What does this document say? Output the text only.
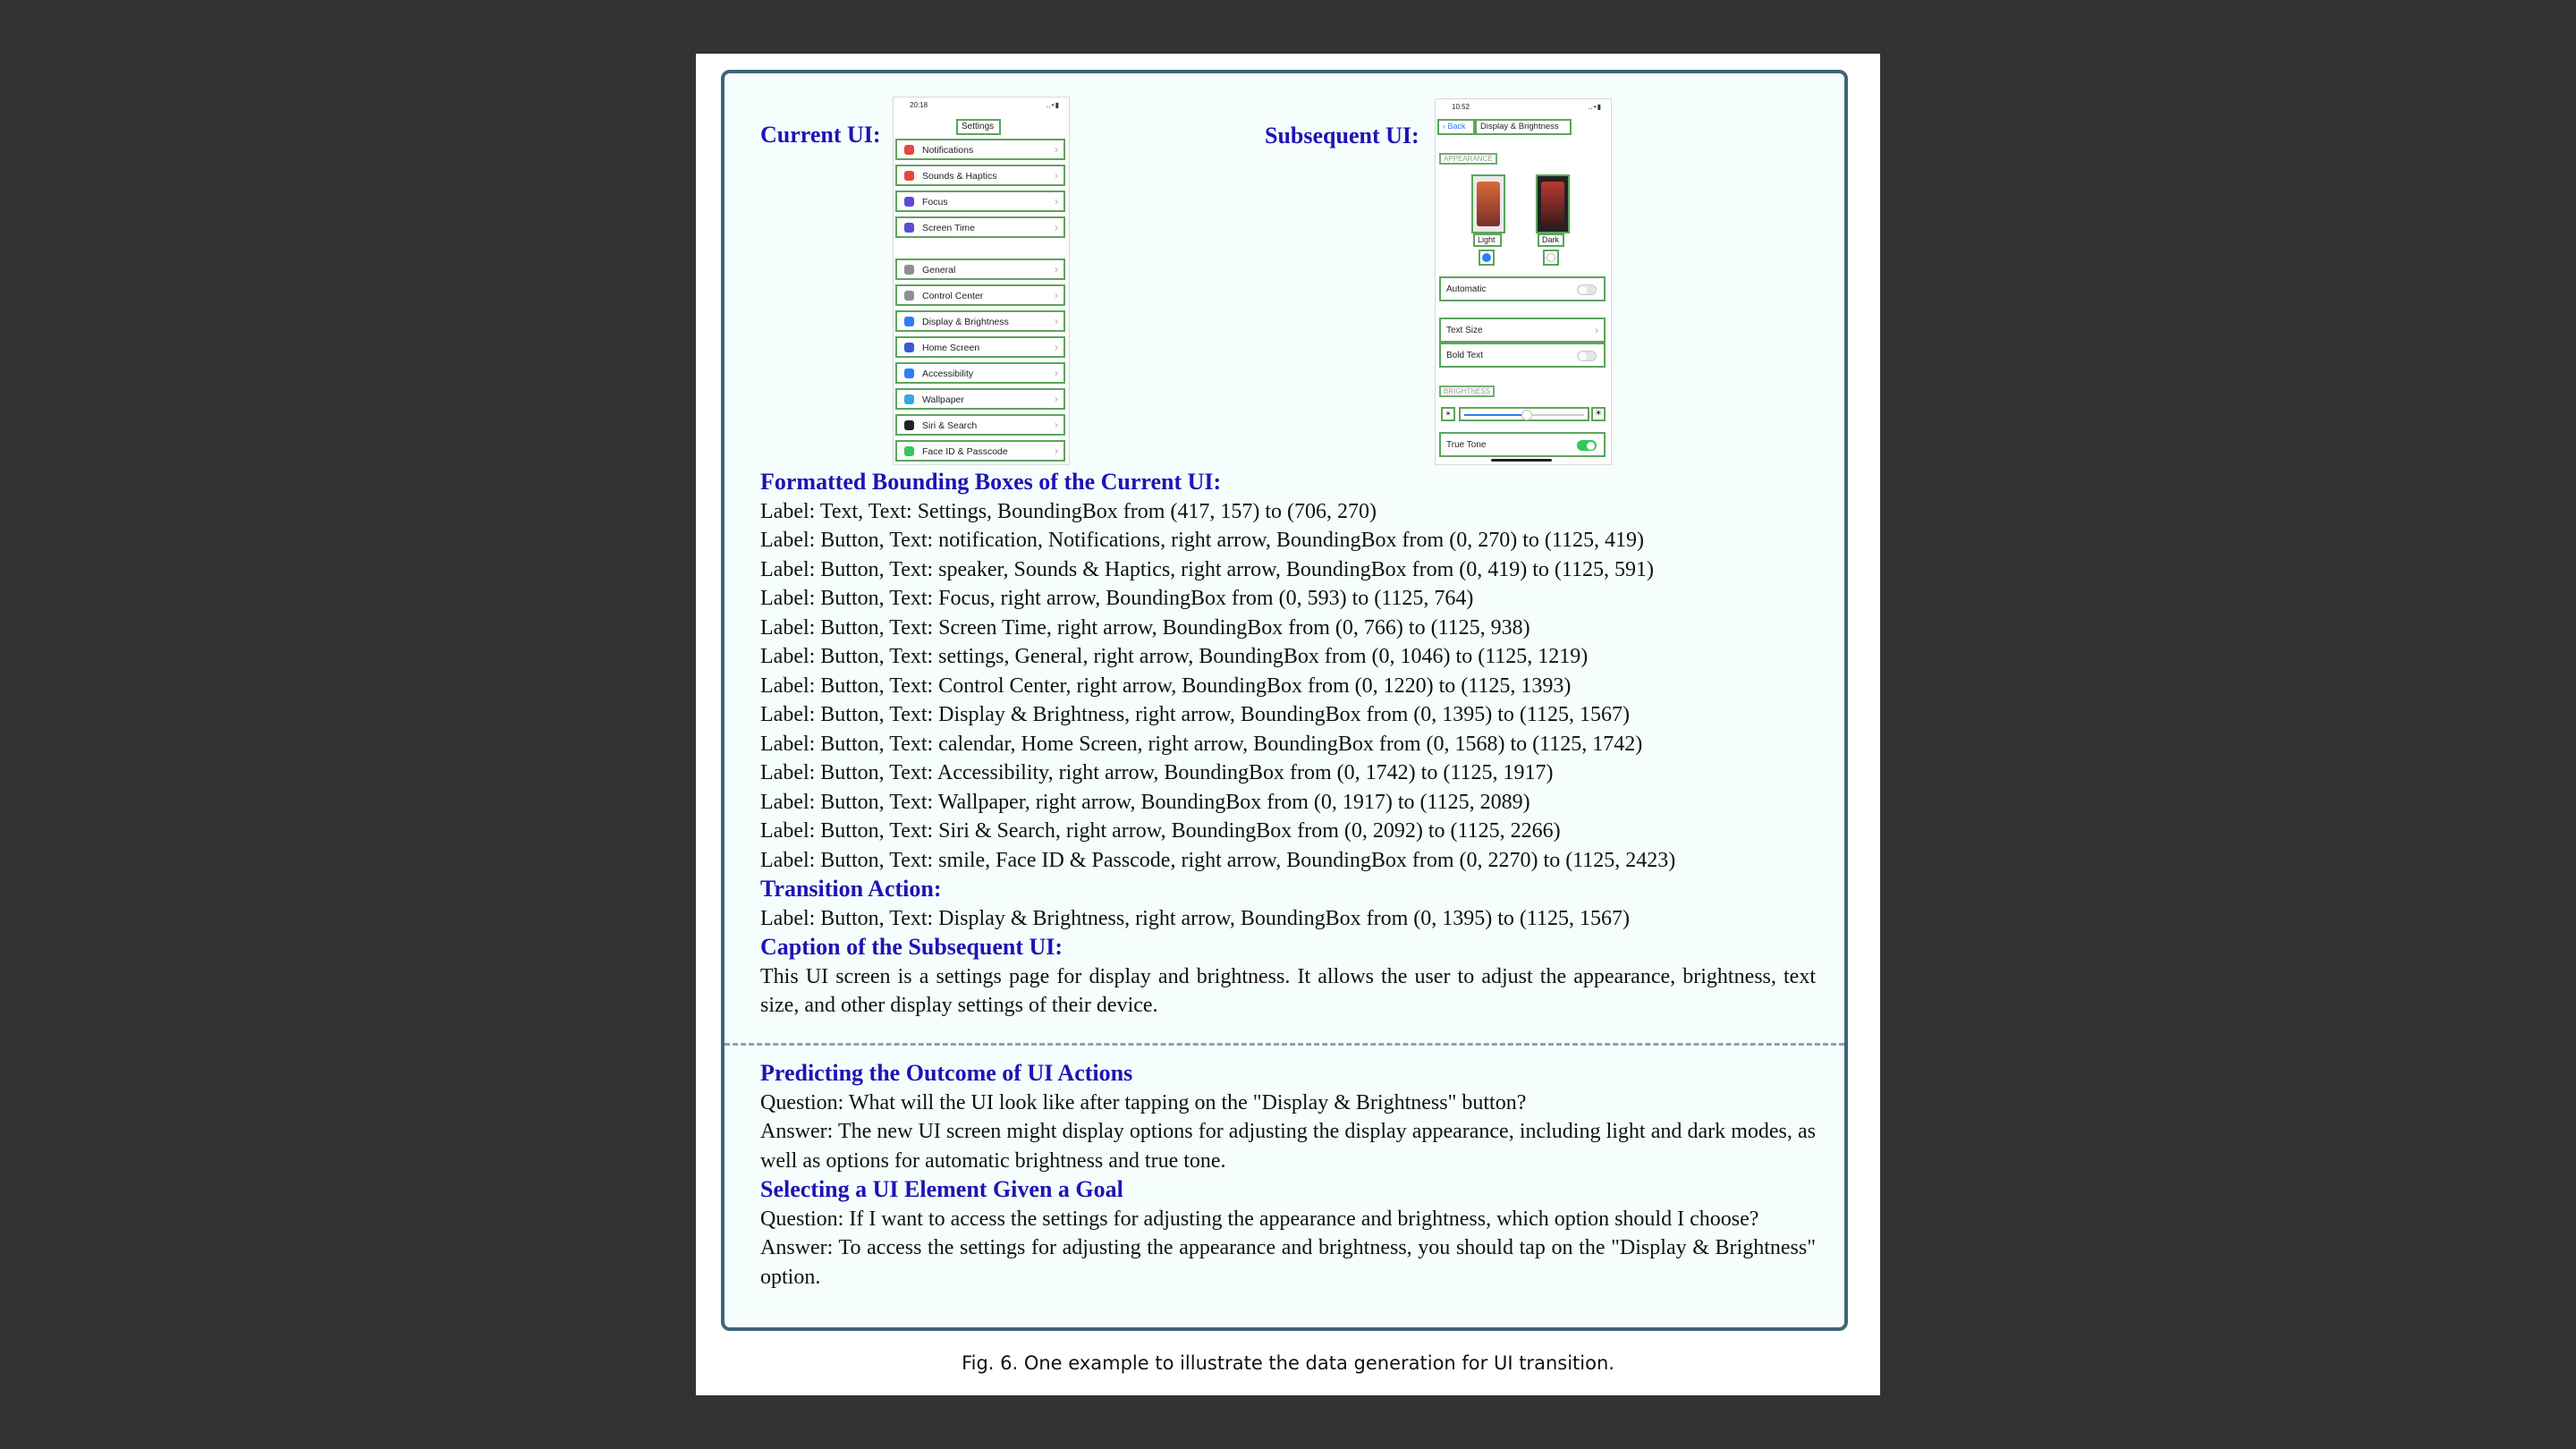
Current UI:	Subsequent UI:
20:18	‥•▮
Settings
Notifications	›
Sounds & Haptics	›
Focus	›
Screen Time	›
General	›
Control Center	›
Display & Brightness	›
Home Screen	›
Accessibility	›
Wallpaper	›
Siri & Search	›
Face ID & Passcode	›
10:52	‥•▮
‹ Back	Display & Brightness
APPEARANCE
Light	Dark
Automatic
Text Size	›
Bold Text
BRIGHTNESS
☀	☀
True Tone
Formatted Bounding Boxes of the Current UI:
Label: Text, Text: Settings, BoundingBox from (417, 157) to (706, 270)
Label: Button, Text: notification, Notifications, right arrow, BoundingBox from (0, 270) to (1125, 419)
Label: Button, Text: speaker, Sounds & Haptics, right arrow, BoundingBox from (0, 419) to (1125, 591)
Label: Button, Text: Focus, right arrow, BoundingBox from (0, 593) to (1125, 764)
Label: Button, Text: Screen Time, right arrow, BoundingBox from (0, 766) to (1125, 938)
Label: Button, Text: settings, General, right arrow, BoundingBox from (0, 1046) to (1125, 1219)
Label: Button, Text: Control Center, right arrow, BoundingBox from (0, 1220) to (1125, 1393)
Label: Button, Text: Display & Brightness, right arrow, BoundingBox from (0, 1395) to (1125, 1567)
Label: Button, Text: calendar, Home Screen, right arrow, BoundingBox from (0, 1568) to (1125, 1742)
Label: Button, Text: Accessibility, right arrow, BoundingBox from (0, 1742) to (1125, 1917)
Label: Button, Text: Wallpaper, right arrow, BoundingBox from (0, 1917) to (1125, 2089)
Label: Button, Text: Siri & Search, right arrow, BoundingBox from (0, 2092) to (1125, 2266)
Label: Button, Text: smile, Face ID & Passcode, right arrow, BoundingBox from (0, 2270) to (1125, 2423)
Transition Action:
Label: Button, Text: Display & Brightness, right arrow, BoundingBox from (0, 1395) to (1125, 1567)
Caption of the Subsequent UI:
This UI screen is a settings page for display and brightness. It allows the user to adjust the appearance, brightness, text size, and other display settings of their device.
Predicting the Outcome of UI Actions
Question: What will the UI look like after tapping on the "Display & Brightness" button?
Answer: The new UI screen might display options for adjusting the display appearance, including light and dark modes, as well as options for automatic brightness and true tone.
Selecting a UI Element Given a Goal
Question: If I want to access the settings for adjusting the appearance and brightness, which option should I choose?
Answer: To access the settings for adjusting the appearance and brightness, you should tap on the "Display & Brightness" option.
Fig. 6. One example to illustrate the data generation for UI transition.
